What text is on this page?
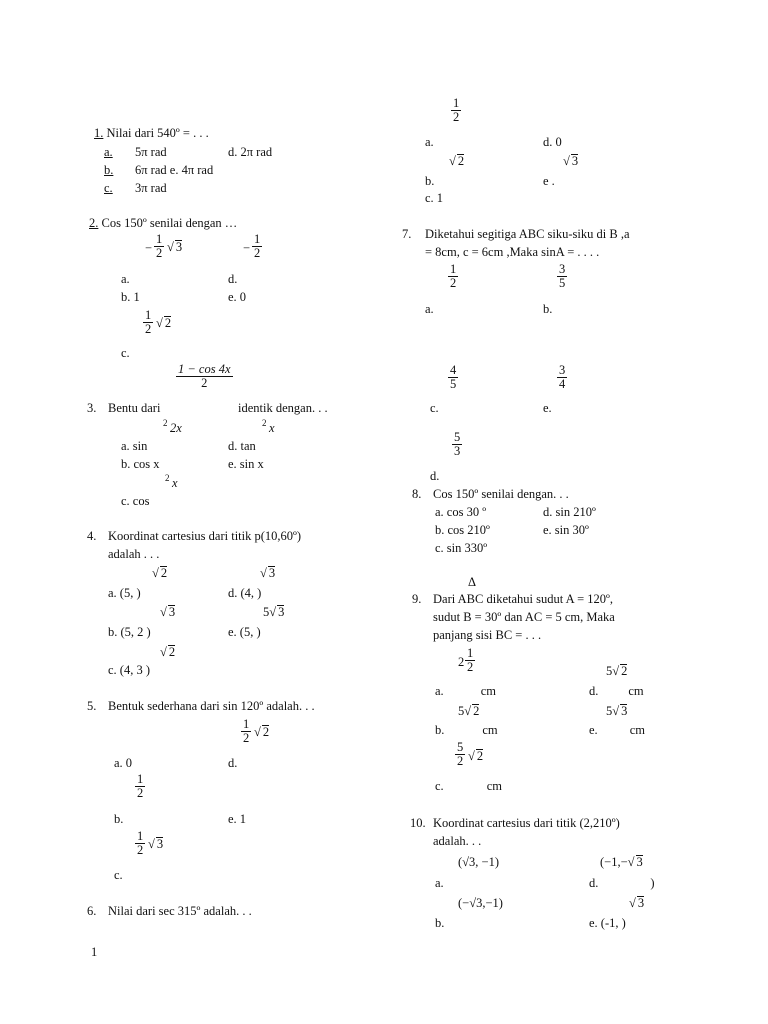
1
1. Nilai dari 540º = . . .
a. 5π rad	d. 2π rad
b. 6π rad e. 4π rad
c. 3π rad
2. Cos 150º senilai dengan …
− $\frac{1}{2}$ √ 3	− $\frac{1}{2}$
a.	d.
b. 1	e. 0
$\frac{1}{2}$ √ 2
c.
$\frac{1 - \cos 4x}{2}$
3. Bentu dari	identik dengan. . .
2 2x	2 x
a. sin	d. tan
b. cos x	e. sin x
2 x
c. cos
4. Koordinat cartesius dari titik p(10,60º)
adalah . . .
√ 2	√ 3
a. (5, )	d. (4, )
√ 3	5√ 3
b. (5, 2 )	e. (5, )
√ 2
c. (4, 3 )
5. Bentuk sederhana dari sin 120º adalah. . .
$\frac{1}{2}$ √ 2
a. 0	d.
$\frac{1}{2}$
b.	e. 1
$\frac{1}{2}$ √ 3
c.
6. Nilai dari sec 315º adalah. . .
$\frac{1}{2}$
a.	d. 0
√ 2	√ 3
b.	e .
c. 1
7. Diketahui segitiga ABC siku-siku di B ,a
= 8cm, c = 6cm ,Maka sinA = . . . .
$\frac{1}{2}$	$\frac{3}{5}$
a.	b.
$\frac{4}{5}$	$\frac{3}{4}$
c.	e.
$\frac{5}{3}$
d.
8. Cos 150º senilai dengan. . .
a. cos 30 º	d. sin 210º
b. cos 210º	e. sin 30º
c. sin 330º
Δ
9. Dari ABC diketahui sudut A = 120º,
sudut B = 30º dan AC = 5 cm, Maka
panjang sisi BC = . . .
$2 \frac{1}{2}$	5√ 2
a.	cm	d. cm
5√ 2	5√ 3
b.	cm	e.	cm
$\frac{5}{2}$ √ 2
c.	cm
10. Koordinat cartesius dari titik (2,210º)
adalah. . .
(√3, −1)	(−1,−√ 3
a.	d.	)
(−√3,−1)	√ 3
b.	e. (-1, )
